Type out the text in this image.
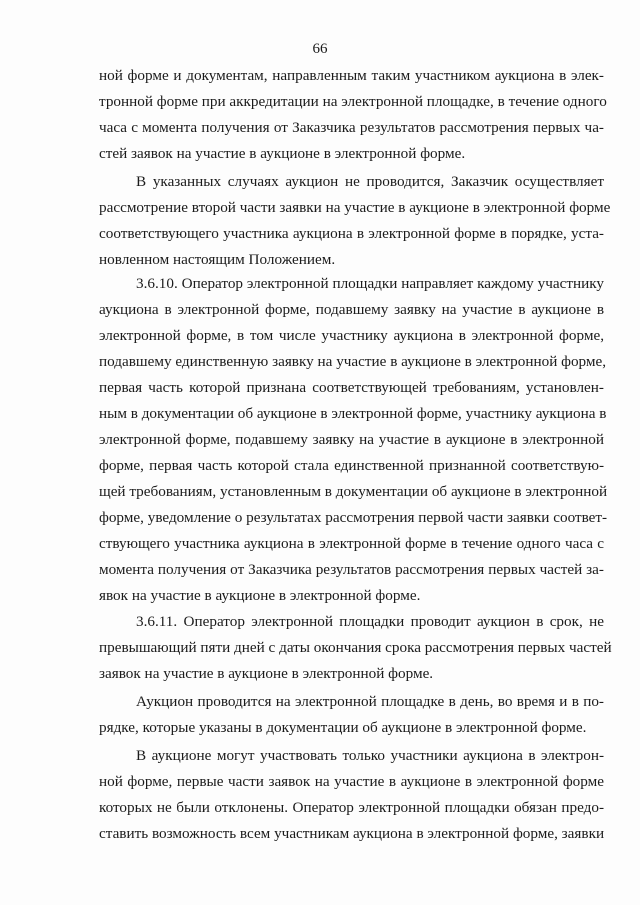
66
ной форме и документам, направленным таким участником аукциона в элек-
тронной форме при аккредитации на электронной площадке, в течение одного
часа с момента получения от Заказчика результатов рассмотрения первых ча-
стей заявок на участие в аукционе в электронной форме.
В указанных случаях аукцион не проводится, Заказчик осуществляет
рассмотрение второй части заявки на участие в аукционе в электронной форме
соответствующего участника аукциона в электронной форме в порядке, уста-
новленном настоящим Положением.
3.6.10. Оператор электронной площадки направляет каждому участнику
аукциона в электронной форме, подавшему заявку на участие в аукционе в
электронной форме, в том числе участнику аукциона в электронной форме,
подавшему единственную заявку на участие в аукционе в электронной форме,
первая часть которой признана соответствующей требованиям, установлен-
ным в документации об аукционе в электронной форме, участнику аукциона в
электронной форме, подавшему заявку на участие в аукционе в электронной
форме, первая часть которой стала единственной признанной соответствую-
щей требованиям, установленным в документации об аукционе в электронной
форме, уведомление о результатах рассмотрения первой части заявки соответ-
ствующего участника аукциона в электронной форме в течение одного часа с
момента получения от Заказчика результатов рассмотрения первых частей за-
явок на участие в аукционе в электронной форме.
3.6.11. Оператор электронной площадки проводит аукцион в срок, не
превышающий пяти дней с даты окончания срока рассмотрения первых частей
заявок на участие в аукционе в электронной форме.
Аукцион проводится на электронной площадке в день, во время и в по-
рядке, которые указаны в документации об аукционе в электронной форме.
В аукционе могут участвовать только участники аукциона в электрон-
ной форме, первые части заявок на участие в аукционе в электронной форме
которых не были отклонены. Оператор электронной площадки обязан предо-
ставить возможность всем участникам аукциона в электронной форме, заявки
